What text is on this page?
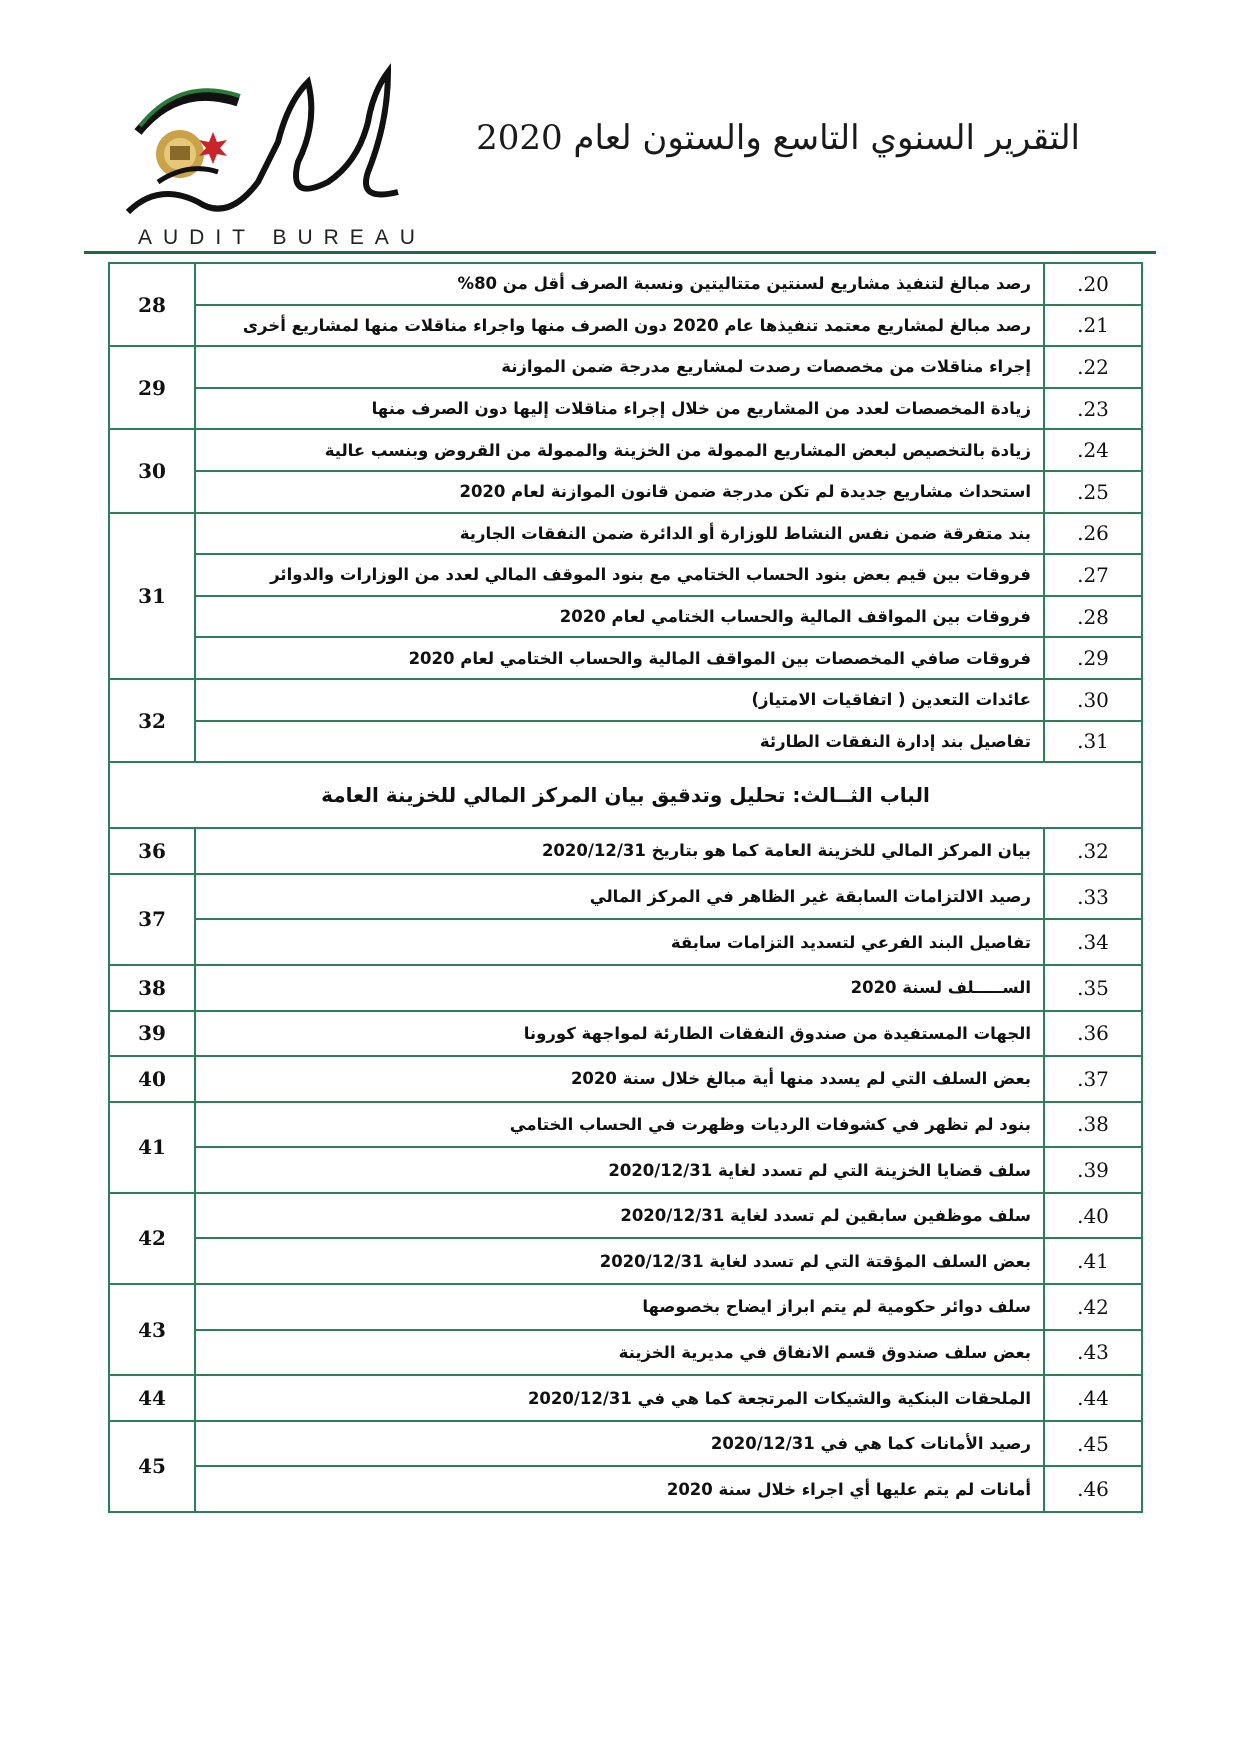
التقرير السنوي التاسع والستون لعام 2020
AUDIT BUREAU
.20	رصد مبالغ لتنفيذ مشاريع لسنتين متتاليتين ونسبة الصرف أقل من 80%	28
.21	رصد مبالغ لمشاريع معتمد تنفيذها عام 2020 دون الصرف منها واجراء مناقلات منها لمشاريع أخرى	
.22	إجراء مناقلات من مخصصات رصدت لمشاريع مدرجة ضمن الموازنة	29
.23	زيادة المخصصات لعدد من المشاريع من خلال إجراء مناقلات إليها دون الصرف منها	
.24	زيادة بالتخصيص لبعض المشاريع الممولة من الخزينة والممولة من القروض وبنسب عالية	30
.25	استحداث مشاريع جديدة لم تكن مدرجة ضمن قانون الموازنة لعام 2020	
.26	بند متفرقة ضمن نفس النشاط للوزارة أو الدائرة ضمن النفقات الجارية	31
.27	فروقات بين قيم بعض بنود الحساب الختامي مع بنود الموقف المالي لعدد من الوزارات والدوائر	
.28	فروقات بين المواقف المالية والحساب الختامي لعام 2020	
.29	فروقات صافي المخصصات بين المواقف المالية والحساب الختامي لعام 2020	
.30	عائدات التعدين ( اتفاقيات الامتياز)	32
.31	تفاصيل بند إدارة النفقات الطارئة	
الباب الثــالث: تحليل وتدقيق بيان المركز المالي للخزينة العامة		
.32	بيان المركز المالي للخزينة العامة كما هو بتاريخ 2020/12/31	36
.33	رصيد الالتزامات السابقة غير الظاهر في المركز المالي	37
.34	تفاصيل البند الفرعي لتسديد التزامات سابقة	
.35	الســـــلف لسنة 2020	38
.36	الجهات المستفيدة من صندوق النفقات الطارئة لمواجهة كورونا	39
.37	بعض السلف التي لم يسدد منها أية مبالغ خلال سنة 2020	40
.38	بنود لم تظهر في كشوفات الرديات وظهرت في الحساب الختامي	41
.39	سلف قضايا الخزينة التي لم تسدد لغاية 2020/12/31	
.40	سلف موظفين سابقين لم تسدد لغاية 2020/12/31	42
.41	بعض السلف المؤقتة التي لم تسدد لغاية 2020/12/31	
.42	سلف دوائر حكومية لم يتم ابراز ايضاح بخصوصها	43
.43	بعض سلف صندوق قسم الانفاق في مديرية الخزينة	
.44	الملحقات البنكية والشيكات المرتجعة كما هي في 2020/12/31	44
.45	رصيد الأمانات كما هي في 2020/12/31	45
.46	أمانات لم يتم عليها أي اجراء خلال سنة 2020	
